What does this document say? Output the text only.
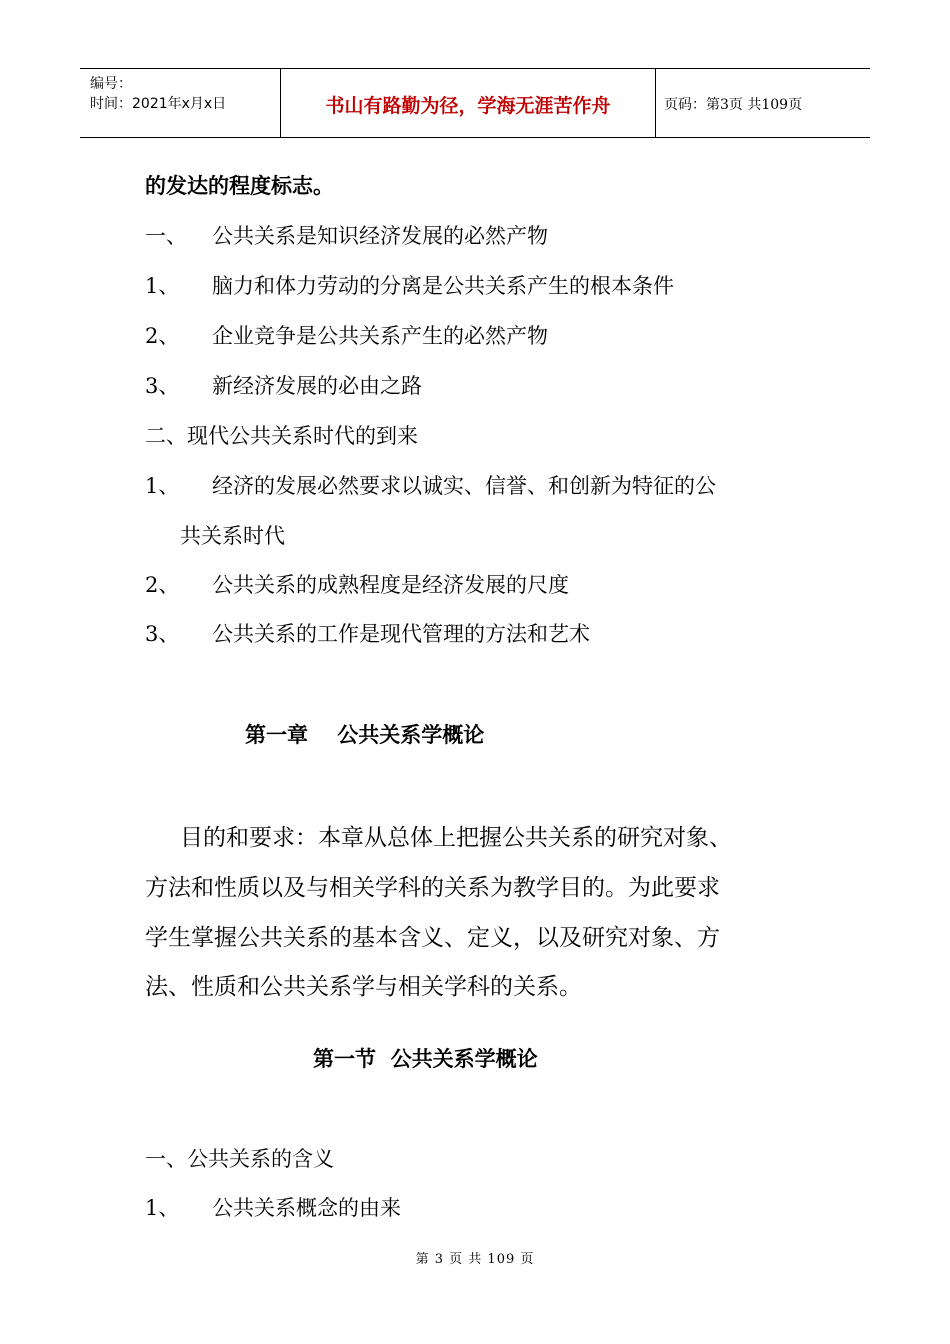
编号：
时间：2021年x月x日	书山有路勤为径，学海无涯苦作舟	页码：第3页 共109页
的发达的程度标志。
一、 公共关系是知识经济发展的必然产物
1、 脑力和体力劳动的分离是公共关系产生的根本条件
2、 企业竞争是公共关系产生的必然产物
3、 新经济发展的必由之路
二、现代公共关系时代的到来
1、 经济的发展必然要求以诚实、信誉、和创新为特征的公
共关系时代
2、 公共关系的成熟程度是经济发展的尺度
3、 公共关系的工作是现代管理的方法和艺术
第一章    公共关系学概论
目的和要求：本章从总体上把握公共关系的研究对象、
方法和性质以及与相关学科的关系为教学目的。为此要求
学生掌握公共关系的基本含义、定义，以及研究对象、方
法、性质和公共关系学与相关学科的关系。
第一节  公共关系学概论
一、公共关系的含义
1、 公共关系概念的由来
第 3 页 共 109 页
